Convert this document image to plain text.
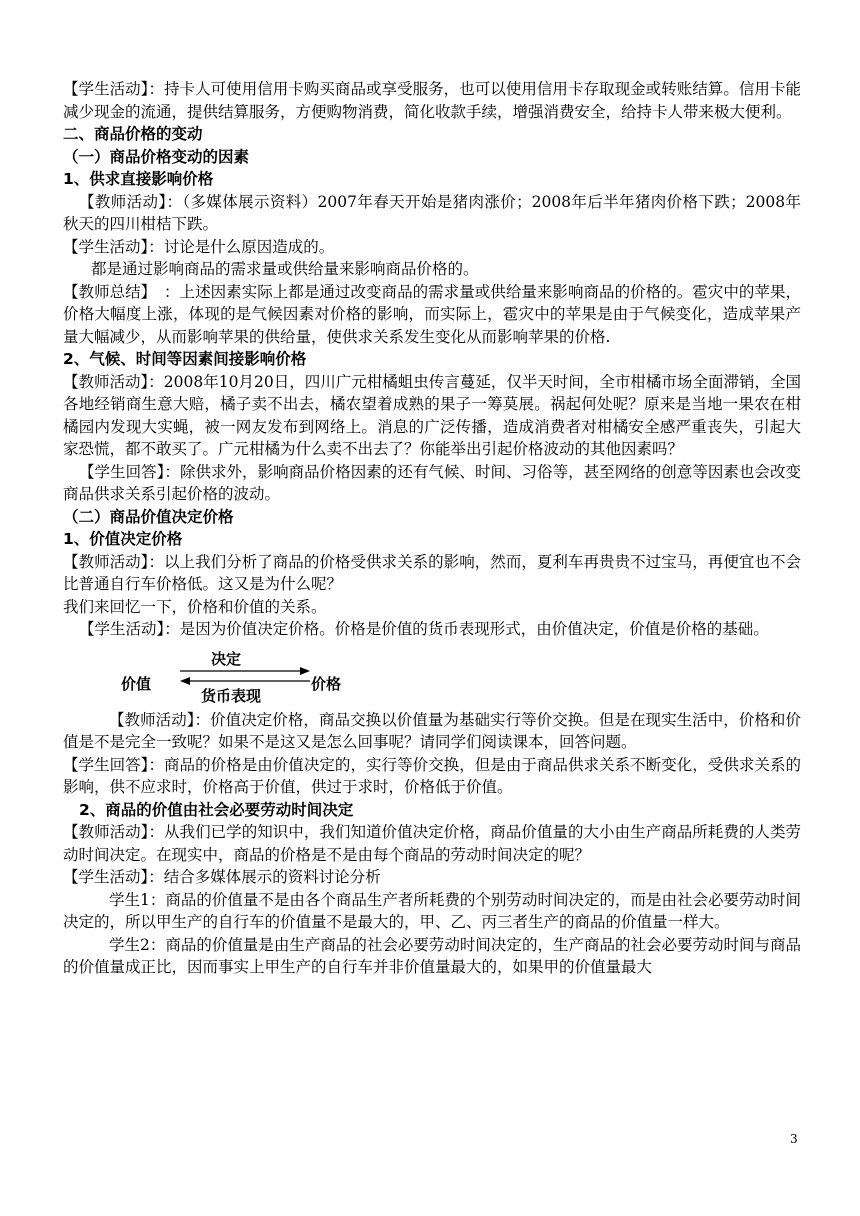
【学生活动】：持卡人可使用信用卡购买商品或享受服务，也可以使用信用卡存取现金或转账结算。信用卡能减少现金的流通，提供结算服务，方便购物消费，简化收款手续，增强消费安全，给持卡人带来极大便利。

二、商品价格的变动

（一）商品价格变动的因素

1、供求直接影响价格

【教师活动】：（多媒体展示资料）2007年春天开始是猪肉涨价；2008年后半年猪肉价格下跌；2008年秋天的四川柑桔下跌。

【学生活动】：讨论是什么原因造成的。

都是通过影响商品的需求量或供给量来影响商品价格的。

【教师总结】　：上述因素实际上都是通过改变商品的需求量或供给量来影响商品的价格的。雹灾中的苹果，价格大幅度上涨，体现的是气候因素对价格的影响，而实际上，雹灾中的苹果是由于气候变化，造成苹果产量大幅减少，从而影响苹果的供给量，使供求关系发生变化从而影响苹果的价格.

2、气候、时间等因素间接影响价格

【教师活动】：2008年10月20日，四川广元柑橘蛆虫传言蔓延，仅半天时间，全市柑橘市场全面滞销，全国各地经销商生意大赔，橘子卖不出去，橘农望着成熟的果子一筹莫展。祸起何处呢？原来是当地一果农在柑橘园内发现大实蝇，被一网友发布到网络上。消息的广泛传播，造成消费者对柑橘安全感严重丧失，引起大家恐慌，都不敢买了。广元柑橘为什么卖不出去了？你能举出引起价格波动的其他因素吗？

【学生回答】：除供求外，影响商品价格因素的还有气候、时间、习俗等，甚至网络的创意等因素也会改变商品供求关系引起价格的波动。

（二）商品价值决定价格

1、价值决定价格

【教师活动】：以上我们分析了商品的价格受供求关系的影响，然而，夏利车再贵贵不过宝马，再便宜也不会比普通自行车价格低。这又是为什么呢？

我们来回忆一下，价格和价值的关系。

【学生活动】：是因为价值决定价格。价格是价值的货币表现形式，由价值决定，价值是价格的基础。

价值
决定
价格
货币表现

【教师活动】：价值决定价格，商品交换以价值量为基础实行等价交换。但是在现实生活中，价格和价值是不是完全一致呢？如果不是这又是怎么回事呢？请同学们阅读课本，回答问题。

【学生回答】：商品的价格是由价值决定的，实行等价交换，但是由于商品供求关系不断变化，受供求关系的影响，供不应求时，价格高于价值，供过于求时，价格低于价值。

2、商品的价值由社会必要劳动时间决定

【教师活动】：从我们已学的知识中，我们知道价值决定价格，商品价值量的大小由生产商品所耗费的人类劳动时间决定。在现实中，商品的价格是不是由每个商品的劳动时间决定的呢？

【学生活动】：结合多媒体展示的资料讨论分析

学生1：商品的价值量不是由各个商品生产者所耗费的个别劳动时间决定的，而是由社会必要劳动时间决定的，所以甲生产的自行车的价值量不是最大的，甲、乙、丙三者生产的商品的价值量一样大。

学生2：商品的价值量是由生产商品的社会必要劳动时间决定的，生产商品的社会必要劳动时间与商品的价值量成正比，因而事实上甲生产的自行车并非价值量最大的，如果甲的价值量最大

3
